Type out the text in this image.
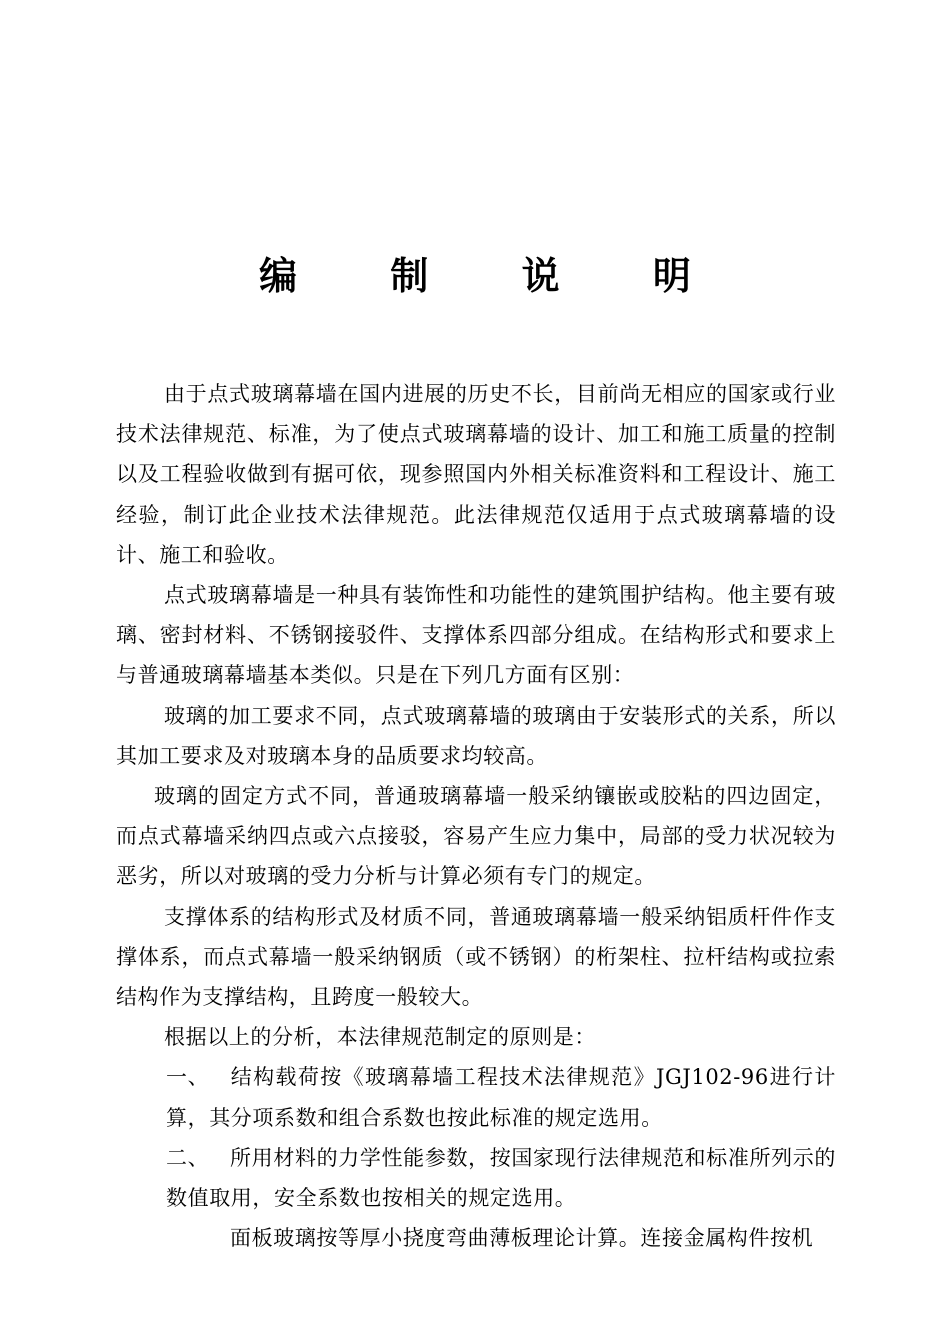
编 制 说 明

由于点式玻璃幕墙在国内进展的历史不长，目前尚无相应的国家或行业技术法律规范、标准，为了使点式玻璃幕墙的设计、加工和施工质量的控制以及工程验收做到有据可依，现参照国内外相关标准资料和工程设计、施工经验，制订此企业技术法律规范。此法律规范仅适用于点式玻璃幕墙的设计、施工和验收。

点式玻璃幕墙是一种具有装饰性和功能性的建筑围护结构。他主要有玻璃、密封材料、不锈钢接驳件、支撑体系四部分组成。在结构形式和要求上与普通玻璃幕墙基本类似。只是在下列几方面有区别：

玻璃的加工要求不同，点式玻璃幕墙的玻璃由于安装形式的关系，所以其加工要求及对玻璃本身的品质要求均较高。

玻璃的固定方式不同，普通玻璃幕墙一般采纳镶嵌或胶粘的四边固定，而点式幕墙采纳四点或六点接驳，容易产生应力集中，局部的受力状况较为恶劣，所以对玻璃的受力分析与计算必须有专门的规定。

支撑体系的结构形式及材质不同，普通玻璃幕墙一般采纳铝质杆件作支撑体系，而点式幕墙一般采纳钢质（或不锈钢）的桁架柱、拉杆结构或拉索结构作为支撑结构，且跨度一般较大。

根据以上的分析，本法律规范制定的原则是：

一、 结构载荷按《玻璃幕墙工程技术法律规范》JGJ102-96进行计算，其分项系数和组合系数也按此标准的规定选用。

二、 所用材料的力学性能参数，按国家现行法律规范和标准所列示的数值取用，安全系数也按相关的规定选用。

面板玻璃按等厚小挠度弯曲薄板理论计算。连接金属构件按机
